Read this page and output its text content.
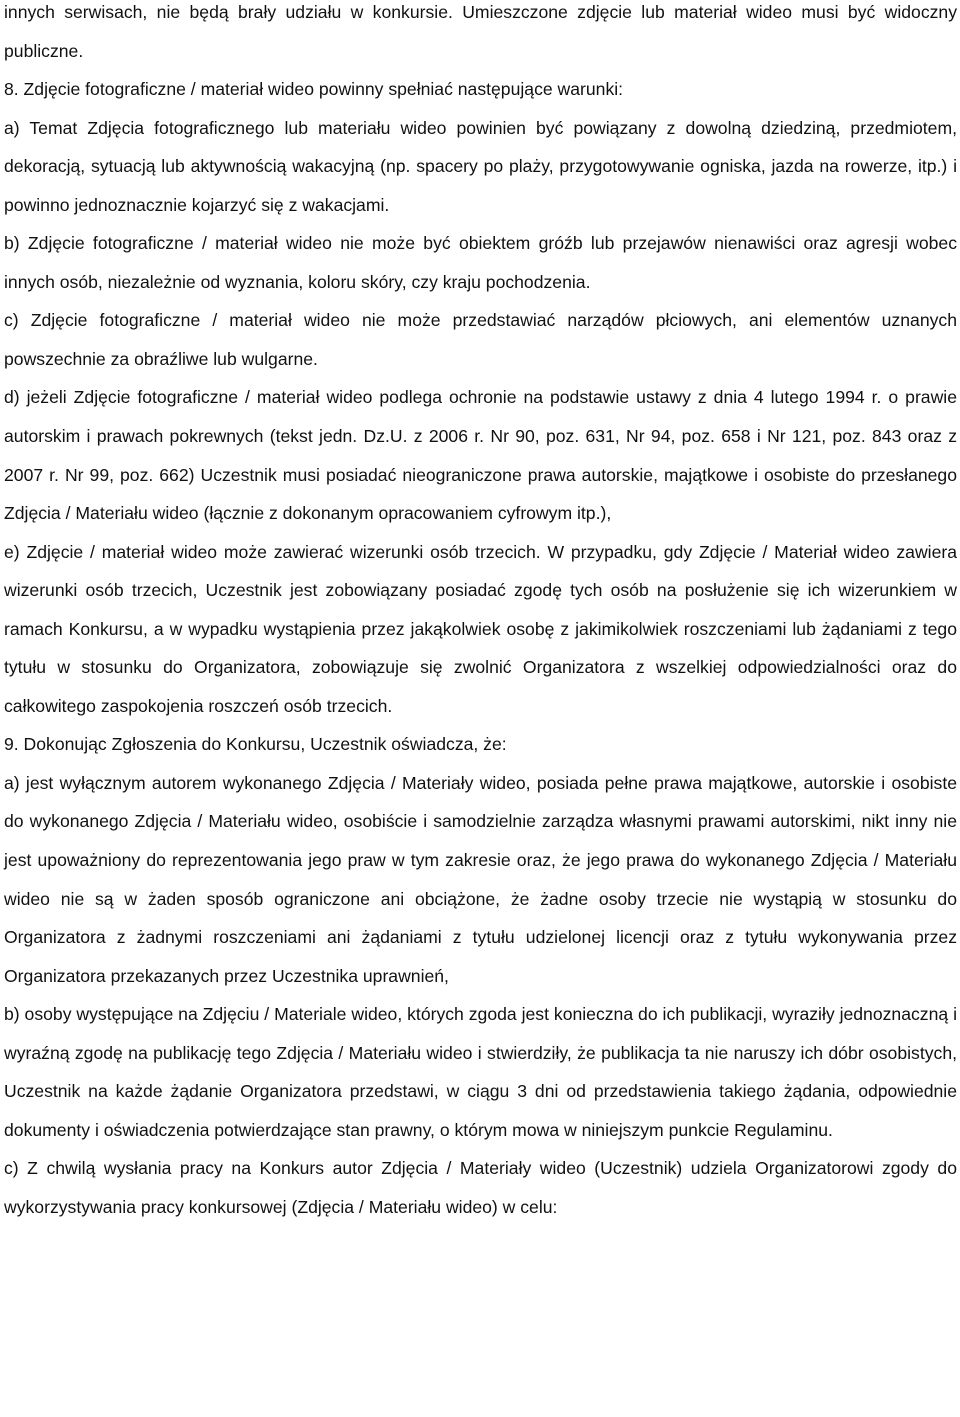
innych serwisach, nie będą brały udziału w konkursie. Umieszczone zdjęcie lub materiał wideo musi być widoczny publiczne.

8. Zdjęcie fotograficzne / materiał wideo powinny spełniać następujące warunki:

a) Temat Zdjęcia fotograficznego lub materiału wideo powinien być powiązany z dowolną dziedziną, przedmiotem, dekoracją, sytuacją lub aktywnością wakacyjną (np. spacery po plaży, przygotowywanie ogniska, jazda na rowerze, itp.) i powinno jednoznacznie kojarzyć się z wakacjami.

b) Zdjęcie fotograficzne / materiał wideo nie może być obiektem gróźb lub przejawów nienawiści oraz agresji wobec innych osób, niezależnie od wyznania, koloru skóry, czy kraju pochodzenia.

c) Zdjęcie fotograficzne / materiał wideo nie może przedstawiać narządów płciowych, ani elementów uznanych powszechnie za obraźliwe lub wulgarne.

d) jeżeli Zdjęcie fotograficzne / materiał wideo podlega ochronie na podstawie ustawy z dnia 4 lutego 1994 r. o prawie autorskim i prawach pokrewnych (tekst jedn. Dz.U. z 2006 r. Nr 90, poz. 631, Nr 94, poz. 658 i Nr 121, poz. 843 oraz z 2007 r. Nr 99, poz. 662) Uczestnik musi posiadać nieograniczone prawa autorskie, majątkowe i osobiste do przesłanego Zdjęcia / Materiału wideo (łącznie z dokonanym opracowaniem cyfrowym itp.),

e) Zdjęcie / materiał wideo może zawierać wizerunki osób trzecich. W przypadku, gdy Zdjęcie / Materiał wideo zawiera wizerunki osób trzecich, Uczestnik jest zobowiązany posiadać zgodę tych osób na posłużenie się ich wizerunkiem w ramach Konkursu, a w wypadku wystąpienia przez jakąkolwiek osobę z jakimikolwiek roszczeniami lub żądaniami z tego tytułu w stosunku do Organizatora, zobowiązuje się zwolnić Organizatora z wszelkiej odpowiedzialności oraz do całkowitego zaspokojenia roszczeń osób trzecich.

9. Dokonując Zgłoszenia do Konkursu, Uczestnik oświadcza, że:

a) jest wyłącznym autorem wykonanego Zdjęcia / Materiały wideo, posiada pełne prawa majątkowe, autorskie i osobiste do wykonanego Zdjęcia / Materiału wideo, osobiście i samodzielnie zarządza własnymi prawami autorskimi, nikt inny nie jest upoważniony do reprezentowania jego praw w tym zakresie oraz, że jego prawa do wykonanego Zdjęcia / Materiału wideo nie są w żaden sposób ograniczone ani obciążone, że żadne osoby trzecie nie wystąpią w stosunku do Organizatora z żadnymi roszczeniami ani żądaniami z tytułu udzielonej licencji oraz z tytułu wykonywania przez Organizatora przekazanych przez Uczestnika uprawnień,

b) osoby występujące na Zdjęciu / Materiale wideo, których zgoda jest konieczna do ich publikacji, wyraziły jednoznaczną i wyraźną zgodę na publikację tego Zdjęcia / Materiału wideo i stwierdziły, że publikacja ta nie naruszy ich dóbr osobistych, Uczestnik na każde żądanie Organizatora przedstawi, w ciągu 3 dni od przedstawienia takiego żądania, odpowiednie dokumenty i oświadczenia potwierdzające stan prawny, o którym mowa w niniejszym punkcie Regulaminu.

c) Z chwilą wysłania pracy na Konkurs autor Zdjęcia / Materiały wideo (Uczestnik) udziela Organizatorowi zgody do wykorzystywania pracy konkursowej (Zdjęcia / Materiału wideo) w celu:
